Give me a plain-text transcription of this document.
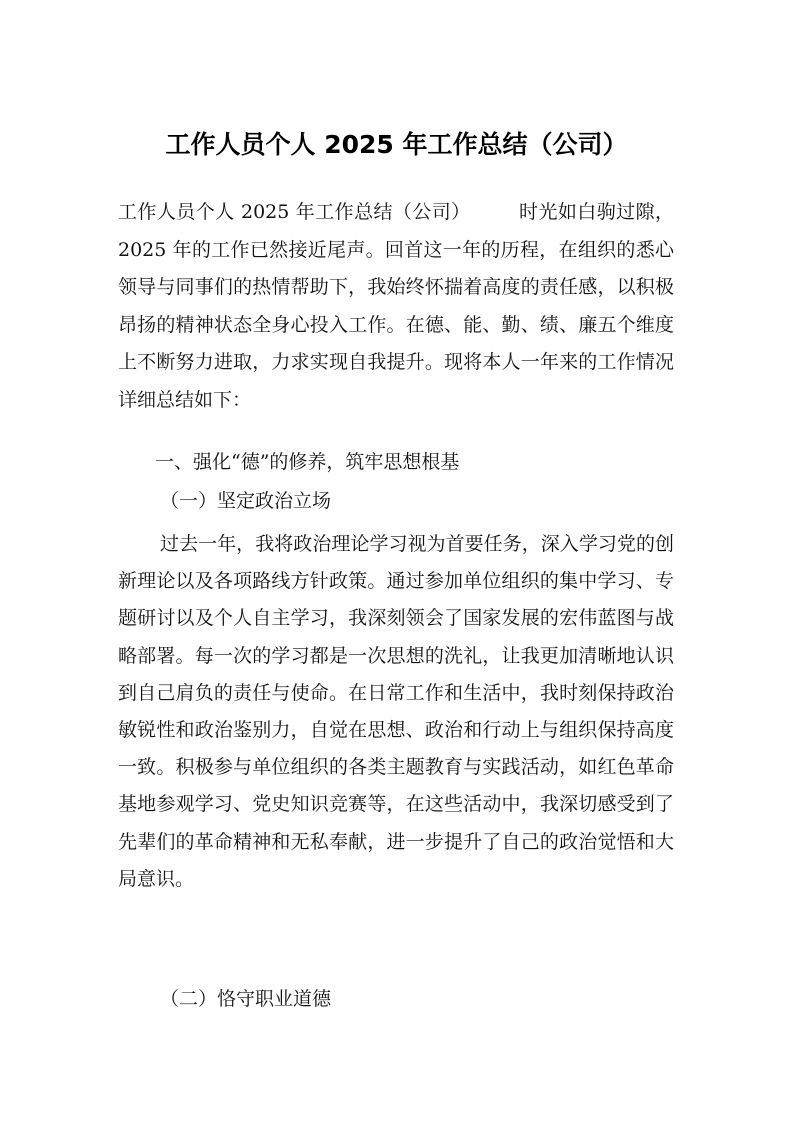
工作人员个人 2025 年工作总结（公司）
工作人员个人 2025 年工作总结（公司）	时光如白驹过隙，2025 年的工作已然接近尾声。回首这一年的历程，在组织的悉心领导与同事们的热情帮助下，我始终怀揣着高度的责任感，以积极昂扬的精神状态全身心投入工作。在德、能、勤、绩、廉五个维度上不断努力进取，力求实现自我提升。现将本人一年来的工作情况详细总结如下：
一、强化“德”的修养，筑牢思想根基
（一）坚定政治立场
过去一年，我将政治理论学习视为首要任务，深入学习党的创新理论以及各项路线方针政策。通过参加单位组织的集中学习、专题研讨以及个人自主学习，我深刻领会了国家发展的宏伟蓝图与战略部署。每一次的学习都是一次思想的洗礼，让我更加清晰地认识到自己肩负的责任与使命。在日常工作和生活中，我时刻保持政治敏锐性和政治鉴别力，自觉在思想、政治和行动上与组织保持高度一致。积极参与单位组织的各类主题教育与实践活动，如红色革命基地参观学习、党史知识竞赛等，在这些活动中，我深切感受到了先辈们的革命精神和无私奉献，进一步提升了自己的政治觉悟和大局意识。
（二）恪守职业道德
